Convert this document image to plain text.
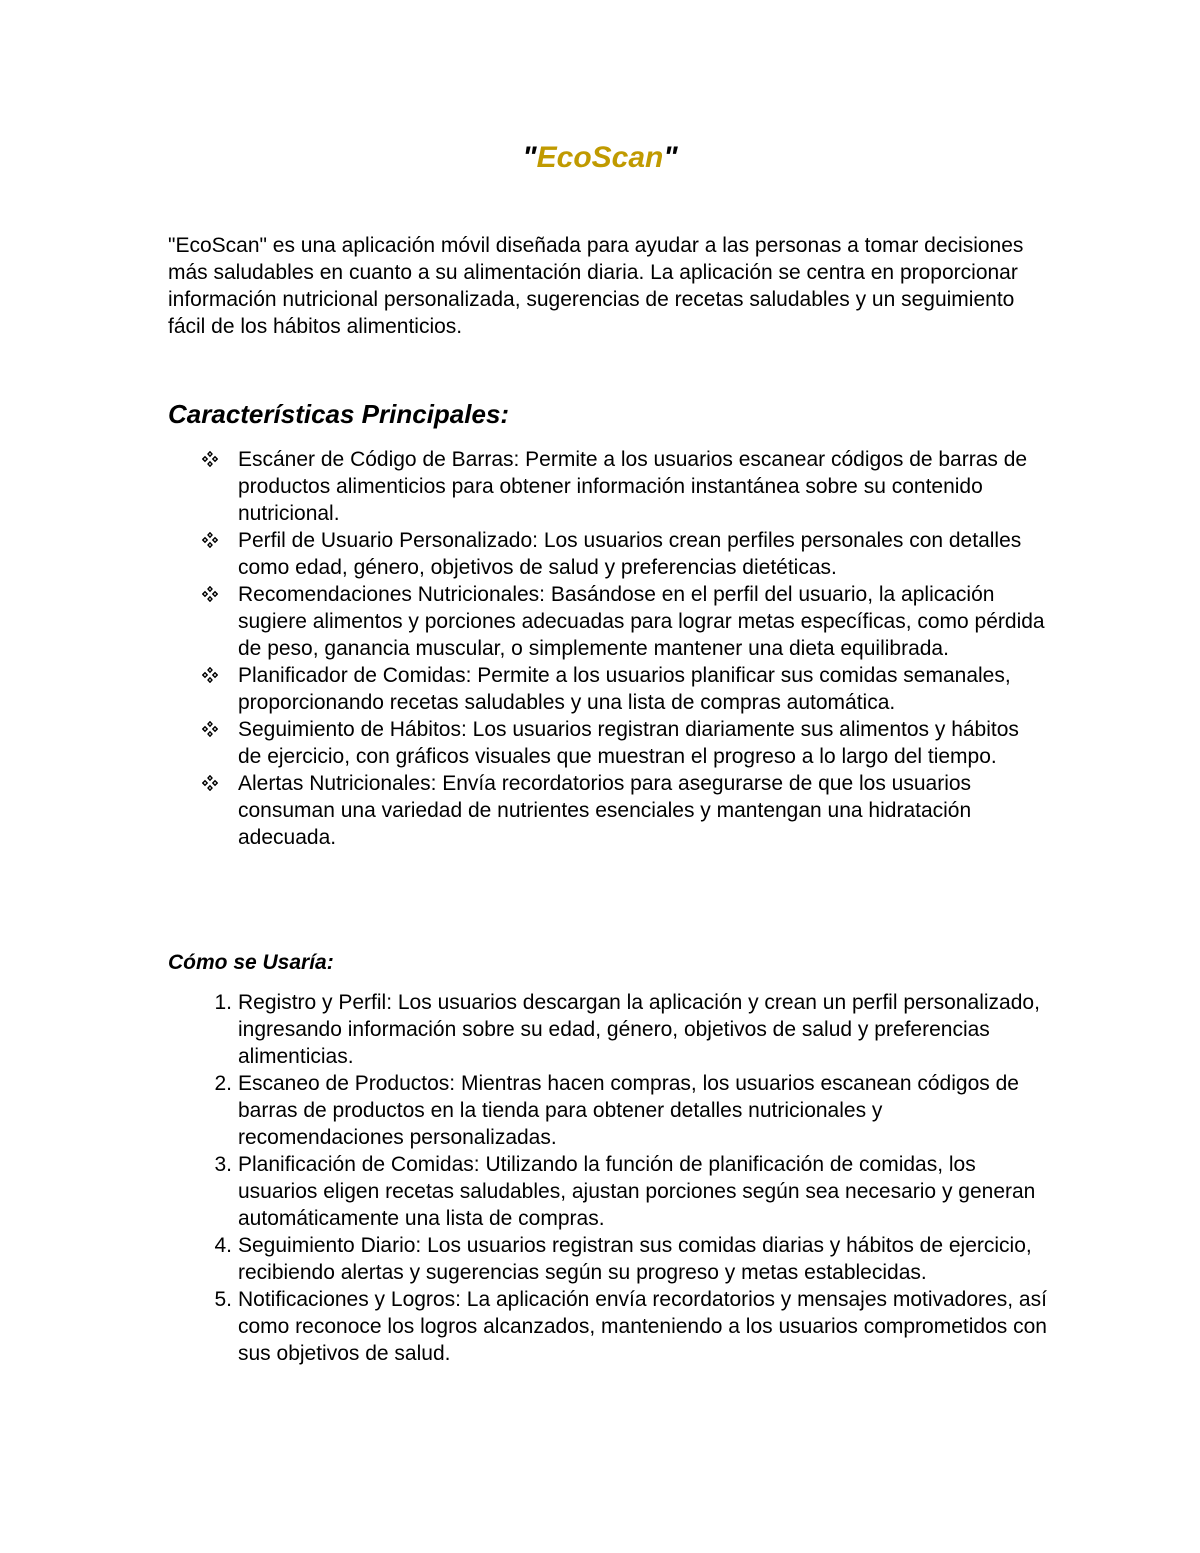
"EcoScan"

"EcoScan" es una aplicación móvil diseñada para ayudar a las personas a tomar decisiones más saludables en cuanto a su alimentación diaria. La aplicación se centra en proporcionar información nutricional personalizada, sugerencias de recetas saludables y un seguimiento fácil de los hábitos alimenticios.

Características Principales:
Escáner de Código de Barras: Permite a los usuarios escanear códigos de barras de productos alimenticios para obtener información instantánea sobre su contenido nutricional.
Perfil de Usuario Personalizado: Los usuarios crean perfiles personales con detalles como edad, género, objetivos de salud y preferencias dietéticas.
Recomendaciones Nutricionales: Basándose en el perfil del usuario, la aplicación sugiere alimentos y porciones adecuadas para lograr metas específicas, como pérdida de peso, ganancia muscular, o simplemente mantener una dieta equilibrada.
Planificador de Comidas: Permite a los usuarios planificar sus comidas semanales, proporcionando recetas saludables y una lista de compras automática.
Seguimiento de Hábitos: Los usuarios registran diariamente sus alimentos y hábitos de ejercicio, con gráficos visuales que muestran el progreso a lo largo del tiempo.
Alertas Nutricionales: Envía recordatorios para asegurarse de que los usuarios consuman una variedad de nutrientes esenciales y mantengan una hidratación adecuada.
Cómo se Usaría:
1. Registro y Perfil: Los usuarios descargan la aplicación y crean un perfil personalizado, ingresando información sobre su edad, género, objetivos de salud y preferencias alimenticias.
2. Escaneo de Productos: Mientras hacen compras, los usuarios escanean códigos de barras de productos en la tienda para obtener detalles nutricionales y recomendaciones personalizadas.
3. Planificación de Comidas: Utilizando la función de planificación de comidas, los usuarios eligen recetas saludables, ajustan porciones según sea necesario y generan automáticamente una lista de compras.
4. Seguimiento Diario: Los usuarios registran sus comidas diarias y hábitos de ejercicio, recibiendo alertas y sugerencias según su progreso y metas establecidas.
5. Notificaciones y Logros: La aplicación envía recordatorios y mensajes motivadores, así como reconoce los logros alcanzados, manteniendo a los usuarios comprometidos con sus objetivos de salud.
